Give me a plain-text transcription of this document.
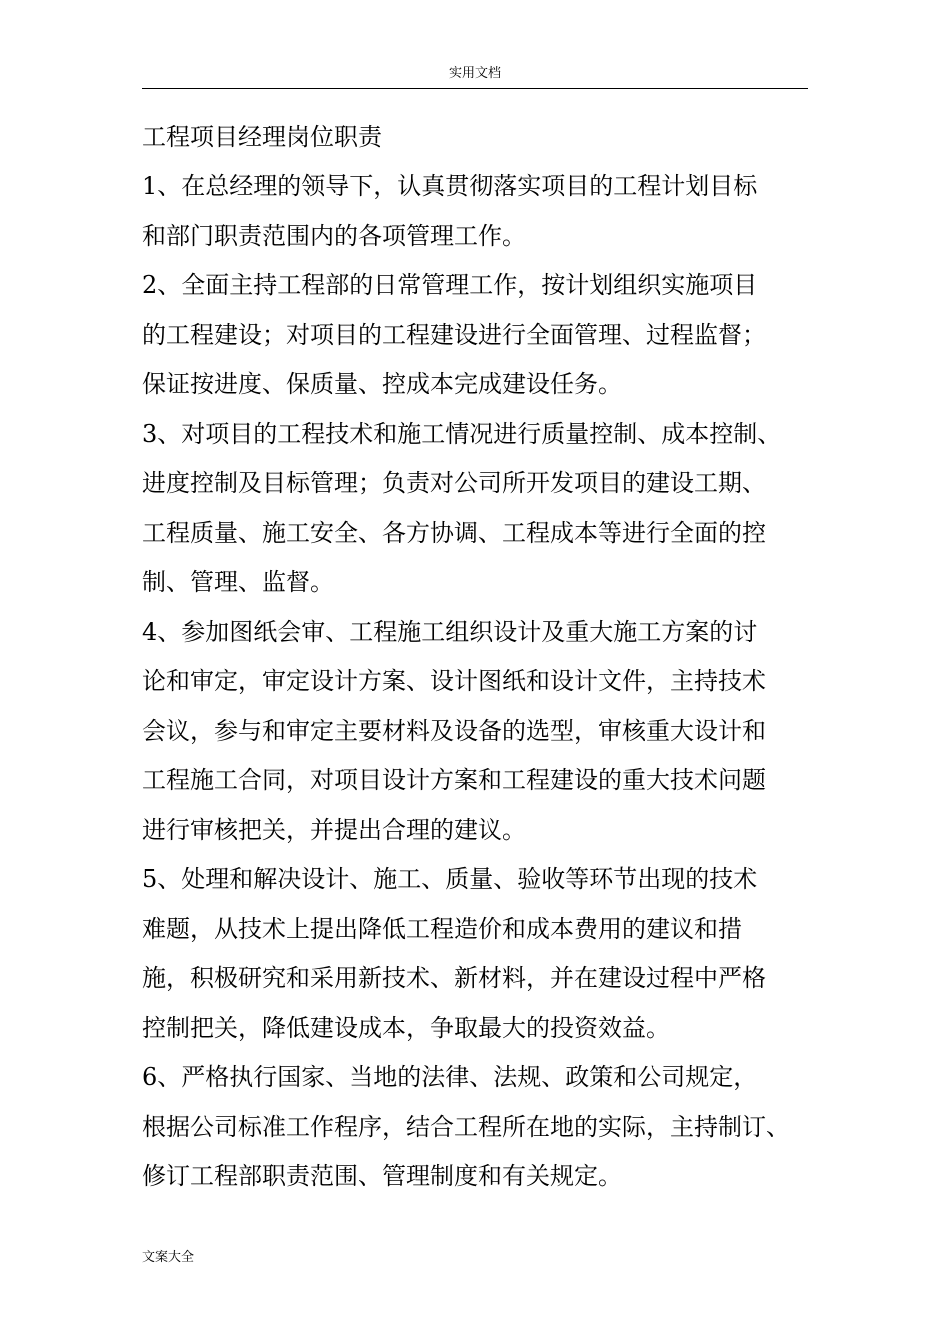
实用文档

工程项目经理岗位职责

1、在总经理的领导下，认真贯彻落实项目的工程计划目标

和部门职责范围内的各项管理工作。

2、全面主持工程部的日常管理工作，按计划组织实施项目

的工程建设；对项目的工程建设进行全面管理、过程监督；

保证按进度、保质量、控成本完成建设任务。

3、对项目的工程技术和施工情况进行质量控制、成本控制、

进度控制及目标管理；负责对公司所开发项目的建设工期、

工程质量、施工安全、各方协调、工程成本等进行全面的控

制、管理、监督。

4、参加图纸会审、工程施工组织设计及重大施工方案的讨

论和审定，审定设计方案、设计图纸和设计文件，主持技术

会议，参与和审定主要材料及设备的选型，审核重大设计和

工程施工合同，对项目设计方案和工程建设的重大技术问题

进行审核把关，并提出合理的建议。

5、处理和解决设计、施工、质量、验收等环节出现的技术

难题，从技术上提出降低工程造价和成本费用的建议和措

施，积极研究和采用新技术、新材料，并在建设过程中严格

控制把关，降低建设成本，争取最大的投资效益。

6、严格执行国家、当地的法律、法规、政策和公司规定，

根据公司标准工作程序，结合工程所在地的实际，主持制订、

修订工程部职责范围、管理制度和有关规定。

文案大全
